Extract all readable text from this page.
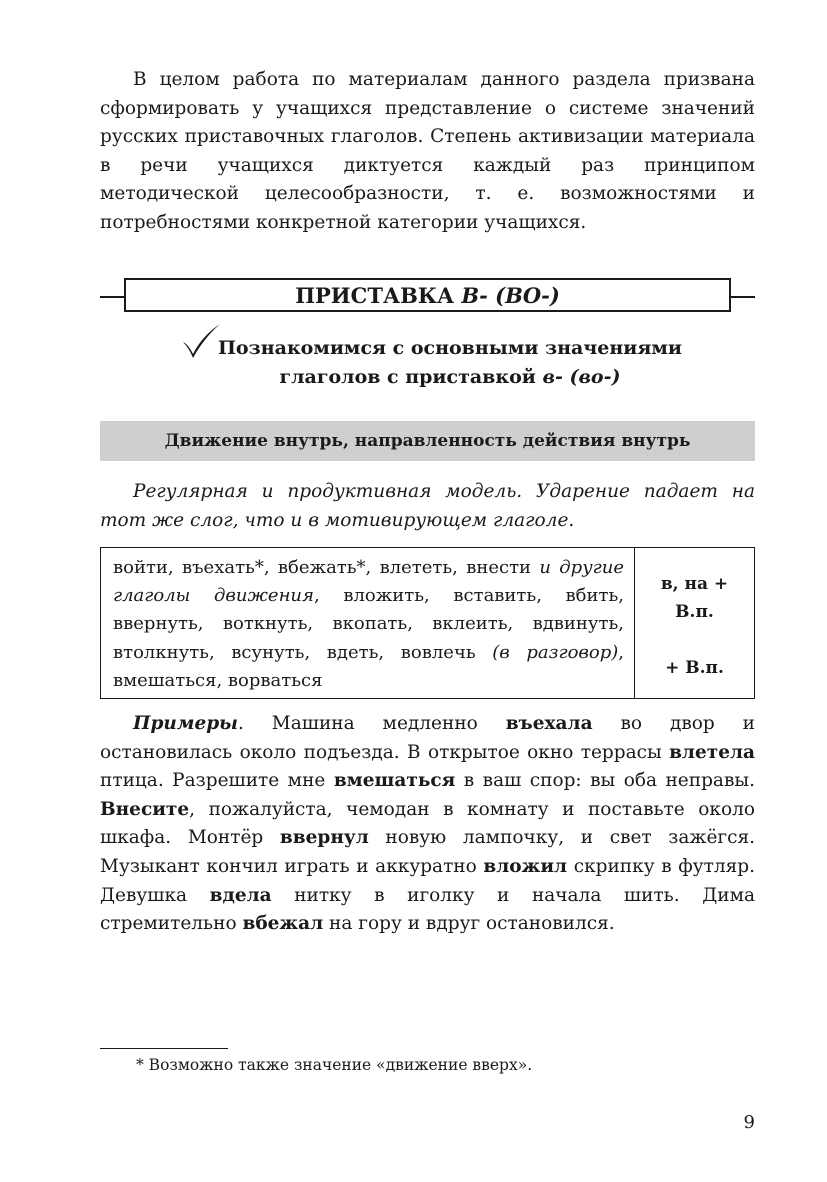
В целом работа по материалам данного раздела призвана сформировать у учащихся представление о системе значений русских приставочных глаголов. Степень активизации материала в речи учащихся диктуется каждый раз принципом методической целесообразности, т. е. возможностями и потребностями конкретной категории учащихся.

ПРИСТАВКА
В- (ВО-)

Познакомимся с основными значениями
глаголов с приставкой в- (во-)

Движение внутрь, направленность действия внутрь

Регулярная и продуктивная модель. Ударение падает на тот же слог, что и в мотивирующем глаголе.

войти, въехать*, вбежать*, влететь, внести и другие глаголы движения, вложить, вставить, вбить, ввернуть, воткнуть, вкопать, вклеить, вдвинуть, втолкнуть, всунуть, вдеть, вовлечь (в разговор), вмешаться, ворваться
в, на +
В.п.
+ В.п.

Примеры. Машина медленно въехала во двор и остановилась около подъезда. В открытое окно террасы влетела птица. Разрешите мне вмешаться в ваш спор: вы оба неправы. Внесите, пожалуйста, чемодан в комнату и поставьте около шкафа. Монтёр ввернул новую лампочку, и свет зажёгся. Музыкант кончил играть и аккуратно вложил скрипку в футляр. Девушка вдела нитку в иголку и начала шить. Дима стремительно вбежал на гору и вдруг остановился.

* Возможно также значение «движение вверх».

9
